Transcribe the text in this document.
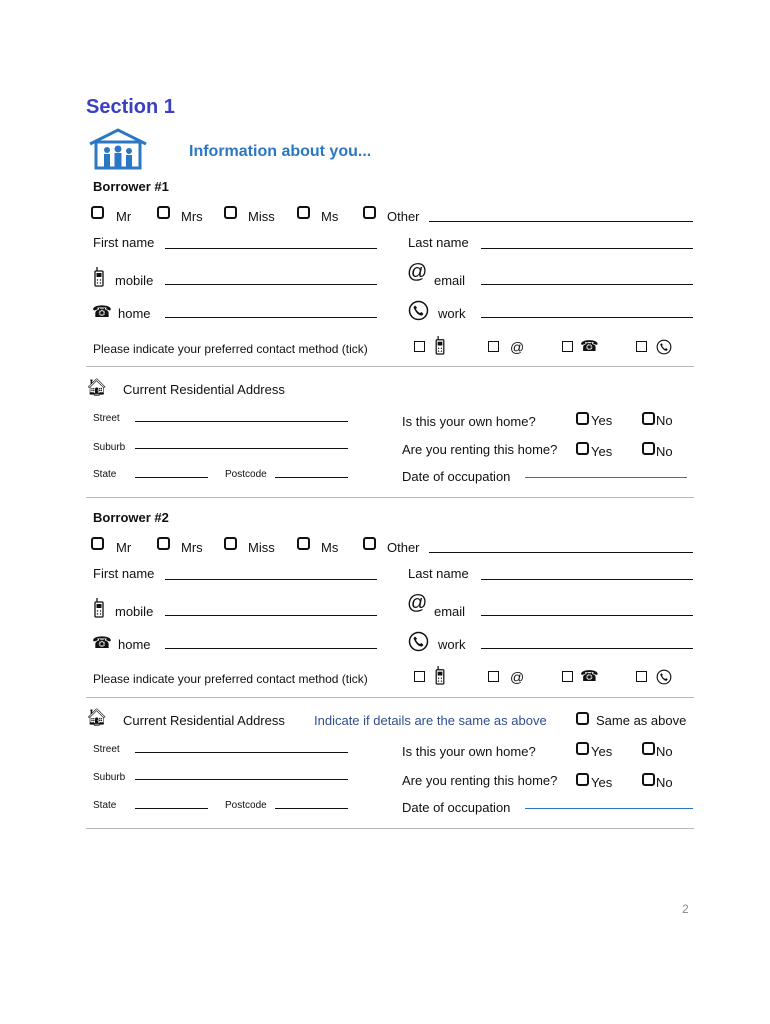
Section 1
Information about you...
Borrower #1
Mr	Mrs	Miss	Ms	Other
First name	Last name
mobile	@ email
☎ home	work
Please indicate your preferred contact method (tick)	@	☎
🏠︎ Current Residential Address
Street
Suburb
State	Postcode
Is this your own home?	Yes	No
Are you renting this home?	Yes	No
Date of occupation
Borrower #2
Mr	Mrs	Miss	Ms	Other
First name	Last name
mobile	@ email
☎ home	work
Please indicate your preferred contact method (tick)	@	☎
🏠︎ Current Residential Address Indicate if details are the same as above	Same as above
Street
Suburb
State	Postcode
Is this your own home?	Yes	No
Are you renting this home?	Yes	No
Date of occupation
2
